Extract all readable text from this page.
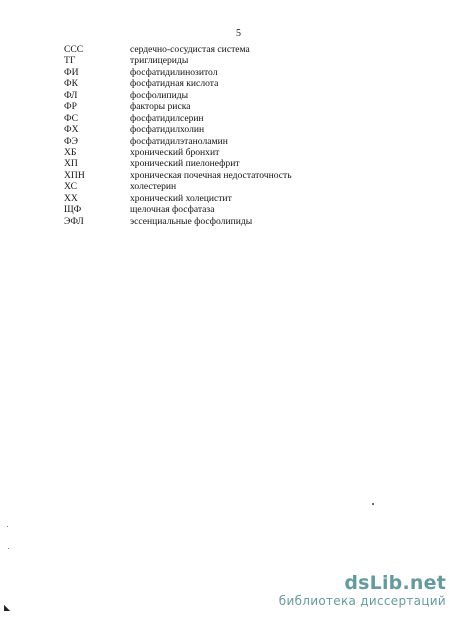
5
ССС	сердечно-сосудистая система
ТГ	триглицериды
ФИ	фосфатидилинозитол
ФК	фосфатидная кислота
ФЛ	фосфолипиды
ФР	факторы риска
ФС	фосфатидилсерин
ФХ	фосфатидилхолин
ФЭ	фосфатидилэтаноламин
ХБ	хронический бронхит
ХП	хронический пиелонефрит
ХПН	хроническая почечная недостаточность
ХС	холестерин
ХХ	хронический холецистит
ЩФ	щелочная фосфатаза
ЭФЛ	эссенциальные фосфолипиды
◣
dsLib.net
библиотека диссертаций
